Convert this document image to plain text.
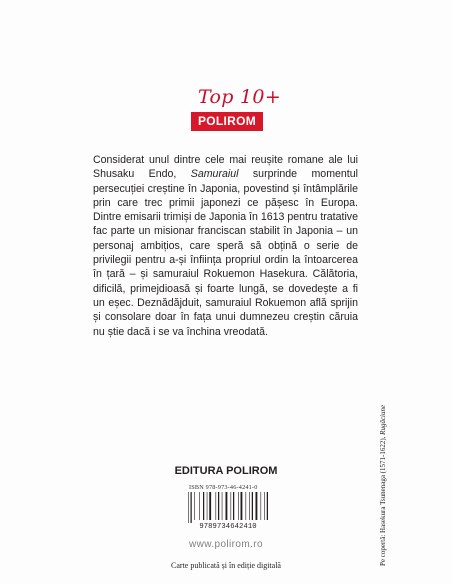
Top 10+
POLIROM

Considerat unul dintre cele mai reușite romane ale lui Shusaku Endo, Samuraiul surprinde momentul persecuției creștine în Japonia, povestind și întâmplările prin care trec primii japonezi ce pășesc în Europa. Dintre emisarii trimiși de Japonia în 1613 pentru tratative fac parte un misionar franciscan stabilit în Japonia – un personaj ambițios, care speră să obțină o serie de privilegii pentru a-și înființa propriul ordin la întoarcerea în țară – și samuraiul Rokuemon Hasekura. Călătoria, dificilă, primejdioasă și foarte lungă, se dovedește a fi un eșec. Deznădăjduit, samuraiul Rokuemon află sprijin și consolare doar în fața unui dumnezeu creștin căruia nu știe dacă i se va închina vreodată.

EDITURA POLIROM
ISBN 978-973-46-4241-0
9789734642410
www.polirom.ro
Carte publicată și în ediție digitală	Pe copertă: Hasekura Tsunenaga (1571-1622), Rugăciune
